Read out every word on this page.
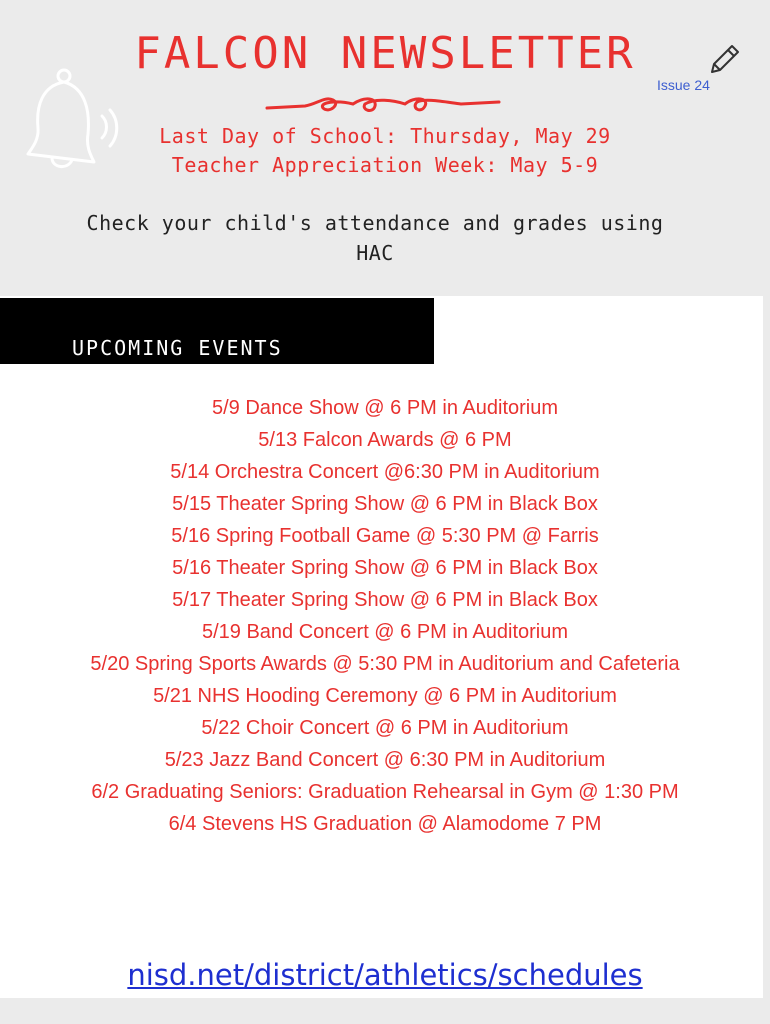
FALCON NEWSLETTER
Issue 24
Last Day of School: Thursday, May 29
Teacher Appreciation Week: May 5-9
Check your child's attendance and grades using HAC
UPCOMING EVENTS
5/9 Dance Show @ 6 PM in Auditorium
5/13 Falcon Awards @ 6 PM
5/14 Orchestra Concert @6:30 PM in Auditorium
5/15 Theater Spring Show @ 6 PM in Black Box
5/16 Spring Football Game @ 5:30 PM @ Farris
5/16 Theater Spring Show @ 6 PM in Black Box
5/17 Theater Spring Show @ 6 PM in Black Box
5/19 Band Concert @ 6 PM in Auditorium
5/20 Spring Sports Awards @ 5:30 PM in Auditorium and Cafeteria
5/21 NHS Hooding Ceremony @ 6 PM in Auditorium
5/22 Choir Concert @ 6 PM in Auditorium
5/23 Jazz Band Concert @ 6:30 PM in Auditorium
6/2 Graduating Seniors: Graduation Rehearsal in Gym @ 1:30 PM
6/4 Stevens HS Graduation @ Alamodome 7 PM
nisd.net/district/athletics/schedules
